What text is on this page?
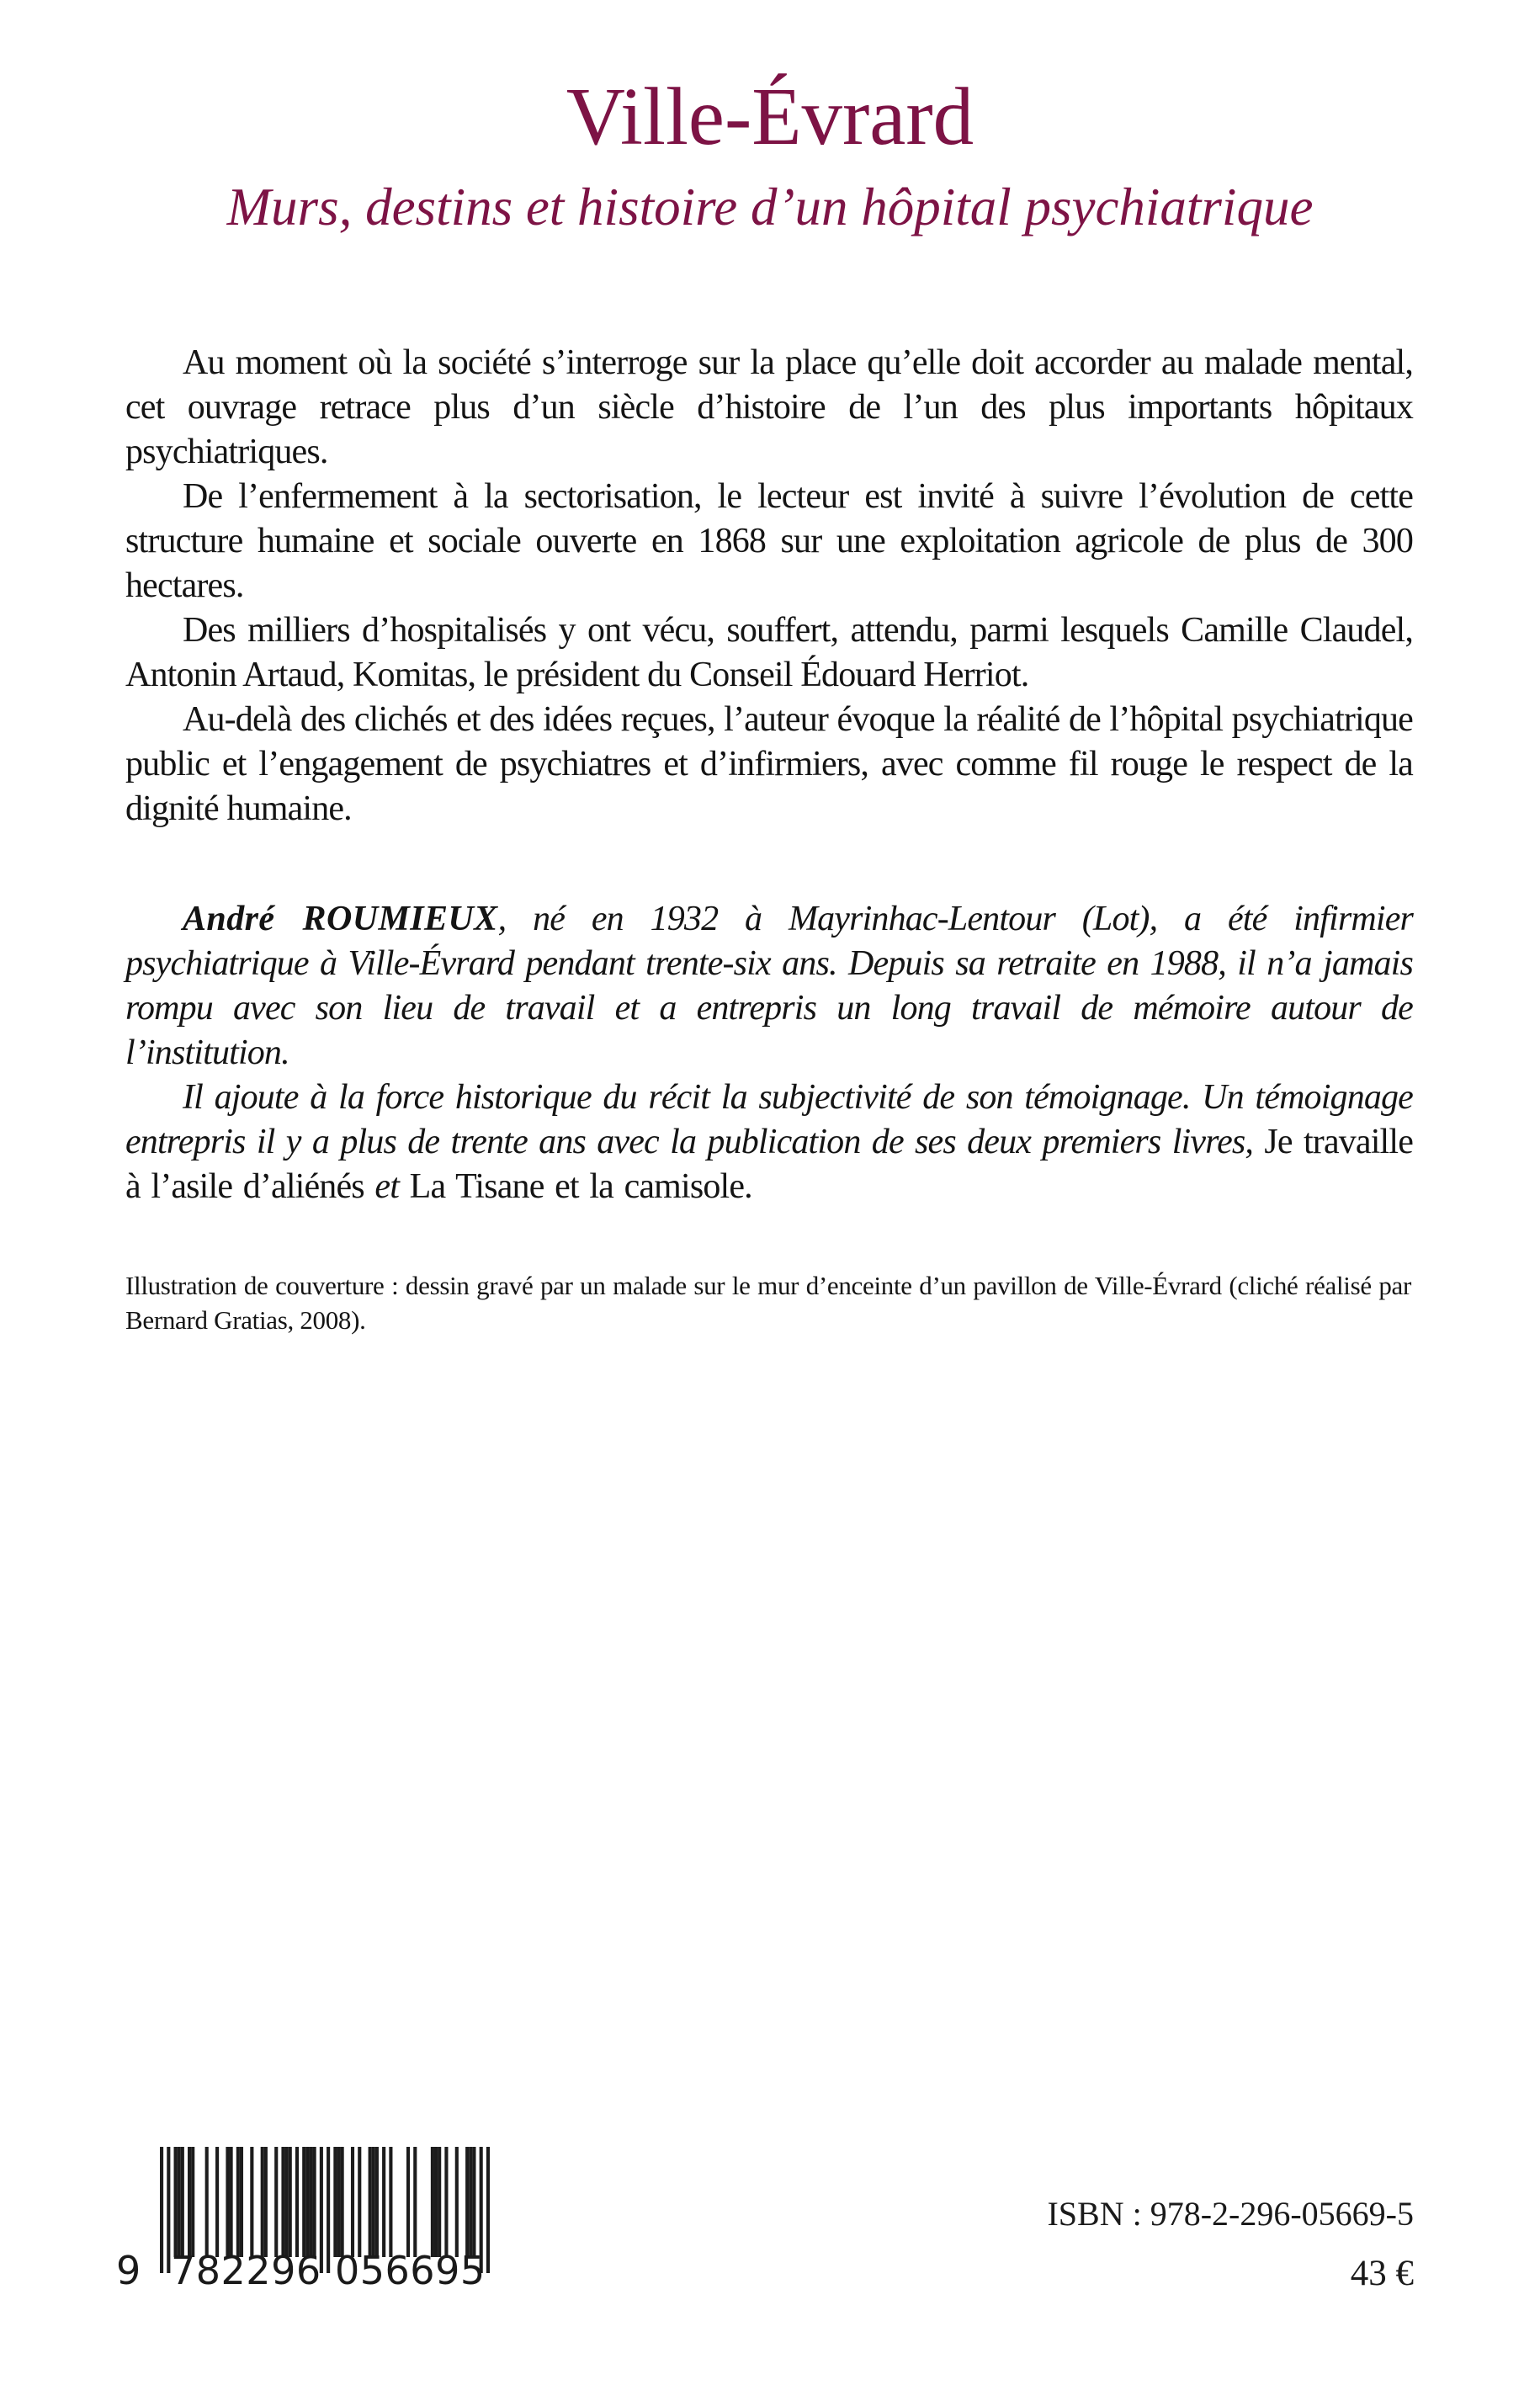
Ville-Évrard
Murs, destins et histoire d’un hôpital psychiatrique

Au moment où la société s’interroge sur la place qu’elle doit accorder au malade mental, cet ouvrage retrace plus d’un siècle d’histoire de l’un des plus importants hôpitaux psychiatriques.

De l’enfermement à la sectorisation, le lecteur est invité à suivre l’évolution de cette structure humaine et sociale ouverte en 1868 sur une exploitation agricole de plus de 300 hectares.

Des milliers d’hospitalisés y ont vécu, souffert, attendu, parmi lesquels Camille Claudel, Antonin Artaud, Komitas, le président du Conseil Édouard Herriot.

Au-delà des clichés et des idées reçues, l’auteur évoque la réalité de l’hôpital psychiatrique public et l’engagement de psychiatres et d’infirmiers, avec comme fil rouge le respect de la dignité humaine.

André ROUMIEUX, né en 1932 à Mayrinhac-Lentour (Lot), a été infirmier psychiatrique à Ville-Évrard pendant trente-six ans. Depuis sa retraite en 1988, il n’a jamais rompu avec son lieu de travail et a entrepris un long travail de mémoire autour de l’institution.

Il ajoute à la force historique du récit la subjectivité de son témoignage. Un témoignage entrepris il y a plus de trente ans avec la publication de ses deux premiers livres, Je travaille à l’asile d’aliénés et La Tisane et la camisole.

Illustration de couverture : dessin gravé par un malade sur le mur d’enceinte d’un pavillon de Ville-Évrard (cliché réalisé par Bernard Gratias, 2008).

9 782296 056695
ISBN : 978-2-296-05669-5
43 €
